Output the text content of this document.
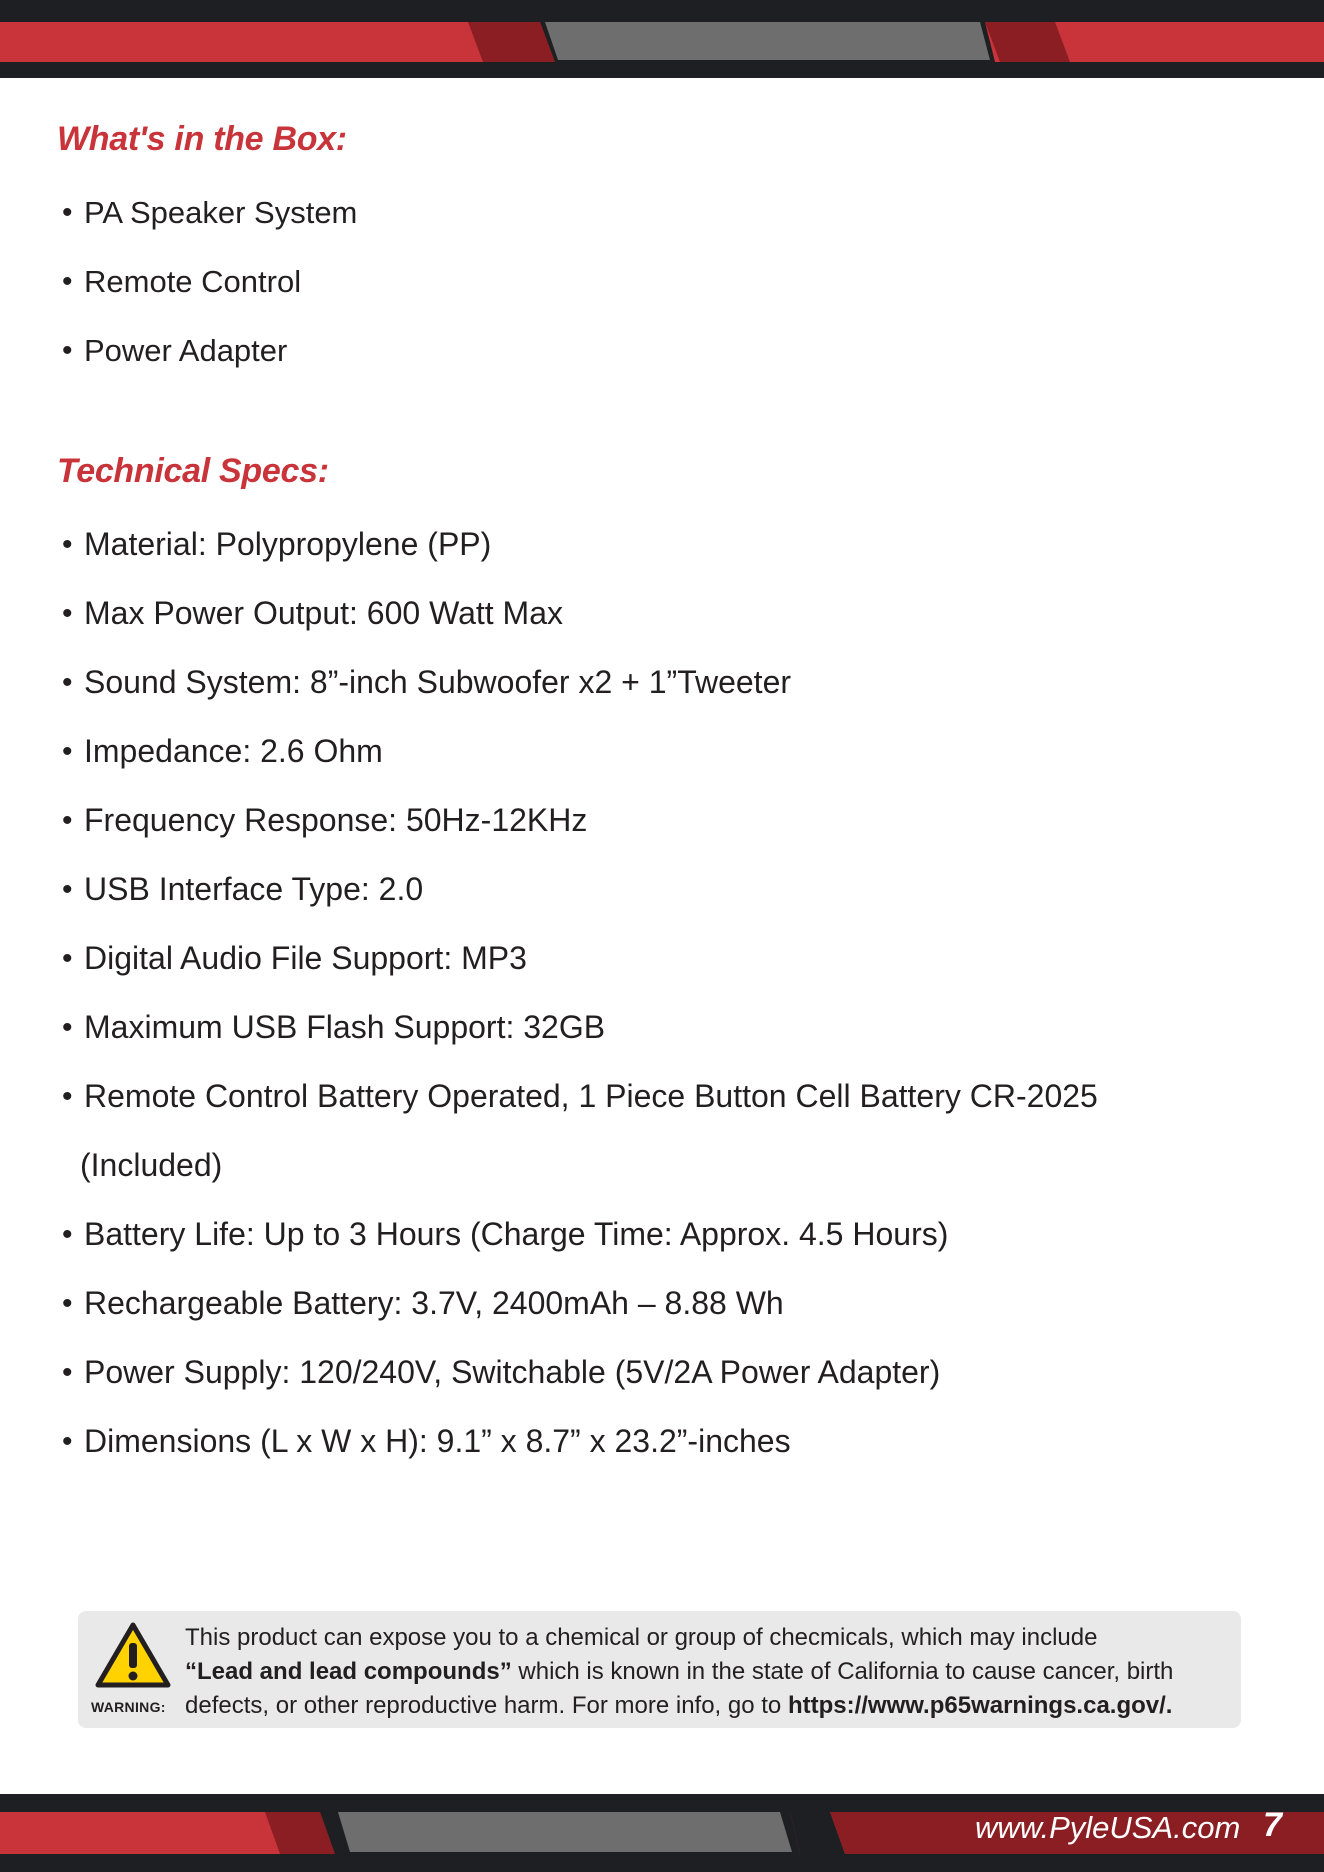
What's in the Box:
• PA Speaker System
• Remote Control
• Power Adapter
Technical Specs:
• Material: Polypropylene (PP)
• Max Power Output: 600 Watt Max
• Sound System: 8”-inch Subwoofer x2 + 1”Tweeter
• Impedance: 2.6 Ohm
• Frequency Response: 50Hz-12KHz
• USB Interface Type: 2.0
• Digital Audio File Support: MP3
• Maximum USB Flash Support: 32GB
• Remote Control Battery Operated, 1 Piece Button Cell Battery CR-2025
(Included)
• Battery Life: Up to 3 Hours (Charge Time: Approx. 4.5 Hours)
• Rechargeable Battery: 3.7V, 2400mAh – 8.88 Wh
• Power Supply: 120/240V, Switchable (5V/2A Power Adapter)
• Dimensions (L x W x H): 9.1” x 8.7” x 23.2”-inches
WARNING:
This product can expose you to a chemical or group of checmicals, which may include
“Lead and lead compounds” which is known in the state of California to cause cancer, birth defects, or other reproductive harm. For more info, go to https://www.p65warnings.ca.gov/.
www.PyleUSA.com 7
